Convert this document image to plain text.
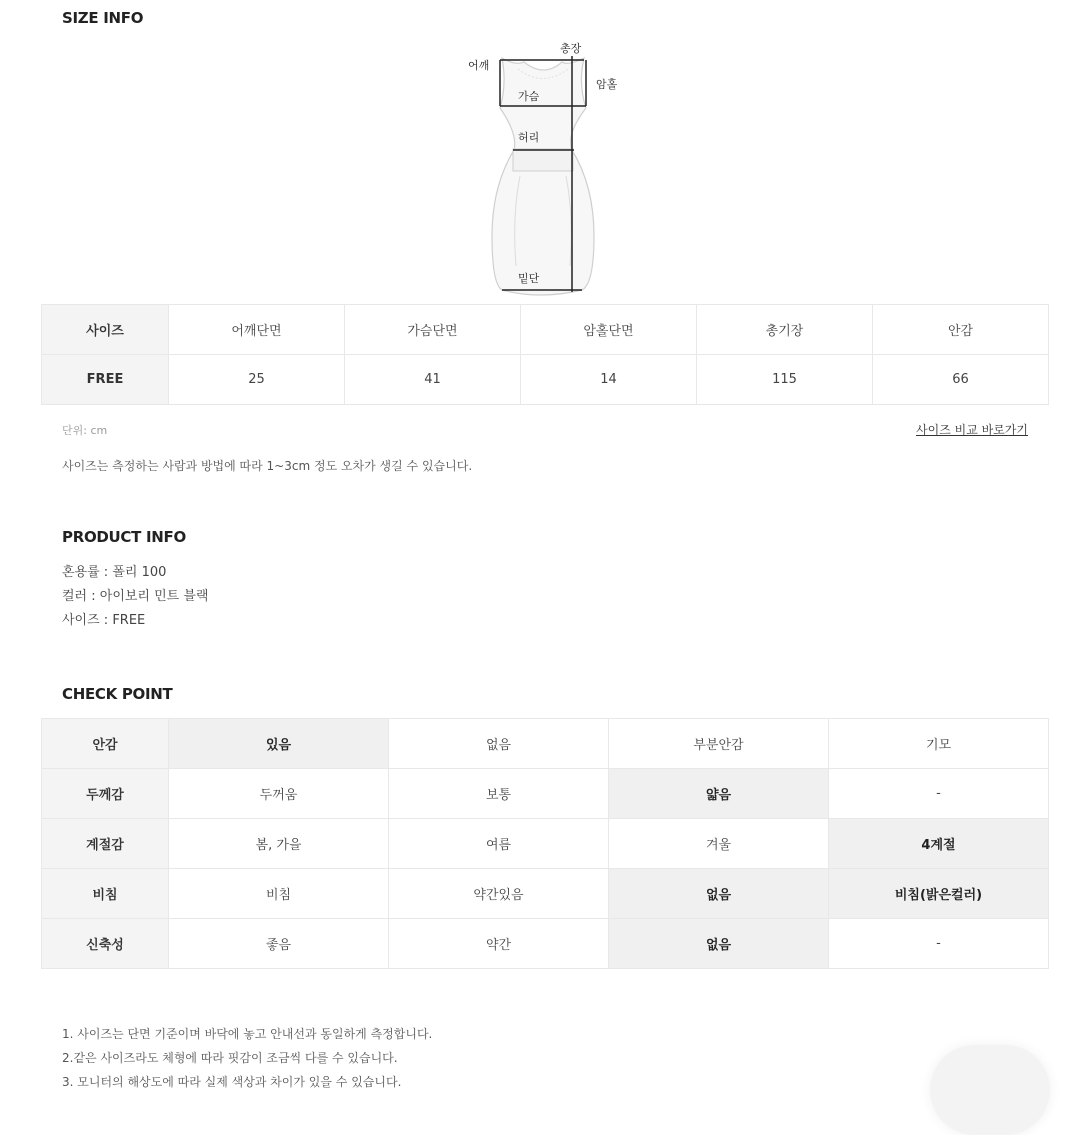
SIZE INFO
어깨
총장
암홀
가슴
허리
밑단
사이즈	어깨단면	가슴단면	암홀단면	총기장	안감
FREE	25	41	14	115	66
단위: cm	사이즈 비교 바로가기
사이즈는 측정하는 사람과 방법에 따라 1~3cm 정도 오차가 생길 수 있습니다.
PRODUCT INFO

혼용률 : 폴리 100

컬러 : 아이보리 민트 블랙

사이즈 : FREE

CHECK POINT
안감	있음	없음	부분안감	기모
두께감	두꺼움	보통	얇음	-
계절감	봄, 가을	여름	겨울	4계절
비침	비침	약간있음	없음	비침(밝은컬러)
신축성	좋음	약간	없음	-

1. 사이즈는 단면 기준이며 바닥에 놓고 안내선과 동일하게 측정합니다.

2.같은 사이즈라도 체형에 따라 핏감이 조금씩 다를 수 있습니다.

3. 모니터의 해상도에 따라 실제 색상과 차이가 있을 수 있습니다.
